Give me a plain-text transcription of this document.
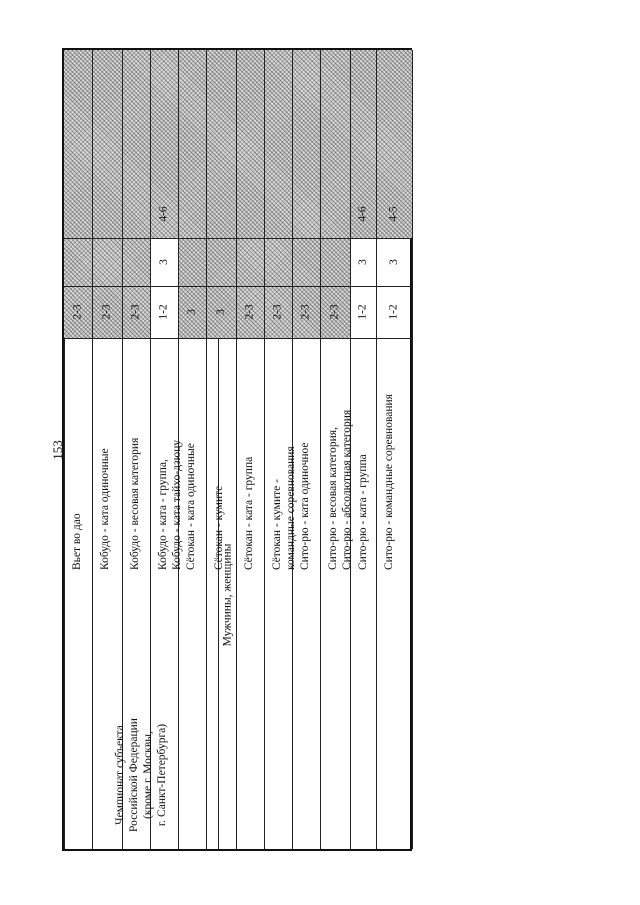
153
Вьет во дао
2-3
Кобудо - ката одиночные
2-3
Кобудо - весовая категория
2-3
Кобудо - ката - группа, Кобудо - ката тайхо-дзюцу
1-2
3
4-6
Сётокан - ката одиночные
3
Сётокан - кумите
3
Сётокан - ката - группа
2-3
Сётокан - кумите - командные соревнования
2-3
Сито-рю - ката одиночное
2-3
Сито-рю - весовая категория, Сито-рю - абсолютная категория
2-3
Сито-рю - ката - группа
1-2
3
4-6
Сито-рю - командные соревнования
1-2
3
4-5
Мужчины, женщины
Чемпионат субъекта Российской Федерации (кроме г. Москвы, г. Санкт-Петербурга)
